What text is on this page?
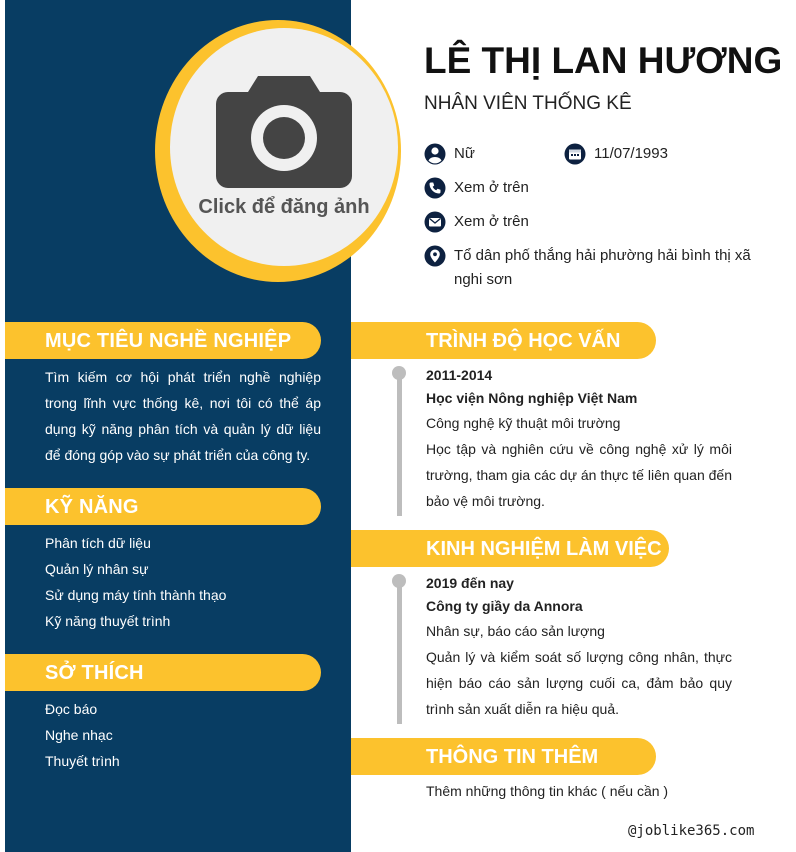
Click để đăng ảnh
MỤC TIÊU NGHỀ NGHIỆP
Tìm kiếm cơ hội phát triển nghề nghiệp trong lĩnh vực thống kê, nơi tôi có thể áp dụng kỹ năng phân tích và quản lý dữ liệu để đóng góp vào sự phát triển của công ty.
KỸ NĂNG
Phân tích dữ liệu
Quản lý nhân sự
Sử dụng máy tính thành thạo
Kỹ năng thuyết trình
SỞ THÍCH
Đọc báo
Nghe nhạc
Thuyết trình
LÊ THỊ LAN HƯƠNG
NHÂN VIÊN THỐNG KÊ
Nữ	11/07/1993
Xem ở trên
Xem ở trên
Tổ dân phố thắng hải phường hải bình thị xã nghi sơn
TRÌNH ĐỘ HỌC VẤN
2011-2014
Học viện Nông nghiệp Việt Nam
Công nghệ kỹ thuật môi trường
Học tập và nghiên cứu về công nghệ xử lý môi trường, tham gia các dự án thực tế liên quan đến bảo vệ môi trường.
KINH NGHIỆM LÀM VIỆC
2019 đến nay
Công ty giầy da Annora
Nhân sự, báo cáo sản lượng
Quản lý và kiểm soát số lượng công nhân, thực hiện báo cáo sản lượng cuối ca, đảm bảo quy trình sản xuất diễn ra hiệu quả.
THÔNG TIN THÊM
Thêm những thông tin khác ( nếu cần )
@joblike365.com
